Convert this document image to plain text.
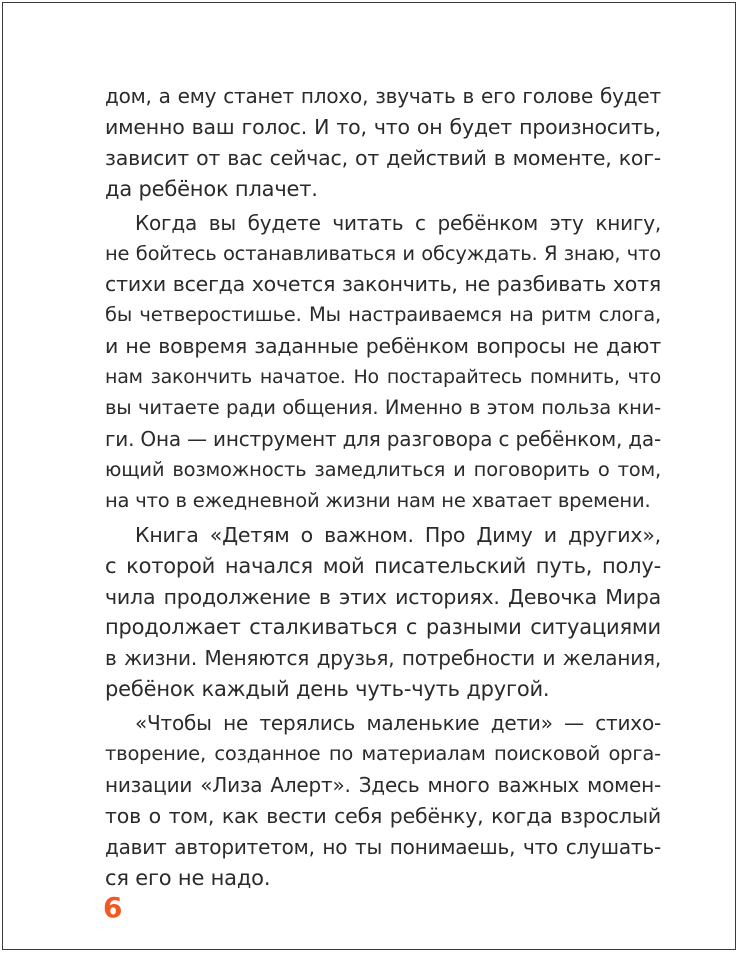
дом, а ему станет плохо, звучать в его голове будет
именно ваш голос. И то, что он будет произносить,
зависит от вас сейчас, от действий в моменте, ког-
да ребёнок плачет.
Когда вы будете читать с ребёнком эту книгу,
не бойтесь останавливаться и обсуждать. Я знаю, что
стихи всегда хочется закончить, не разбивать хотя
бы четверостишье. Мы настраиваемся на ритм слога,
и не вовремя заданные ребёнком вопросы не дают
нам закончить начатое. Но постарайтесь помнить, что
вы читаете ради общения. Именно в этом польза кни-
ги. Она — инструмент для разговора с ребёнком, да-
ющий возможность замедлиться и поговорить о том,
на что в ежедневной жизни нам не хватает времени.
Книга «Детям о важном. Про Диму и других»,
с которой начался мой писательский путь, полу-
чила продолжение в этих историях. Девочка Мира
продолжает сталкиваться с разными ситуациями
в жизни. Меняются друзья, потребности и желания,
ребёнок каждый день чуть-чуть другой.
«Чтобы не терялись маленькие дети» — стихо-
творение, созданное по материалам поисковой орга-
низации «Лиза Алерт». Здесь много важных момен-
тов о том, как вести себя ребёнку, когда взрослый
давит авторитетом, но ты понимаешь, что слушать-
ся его не надо.
6
